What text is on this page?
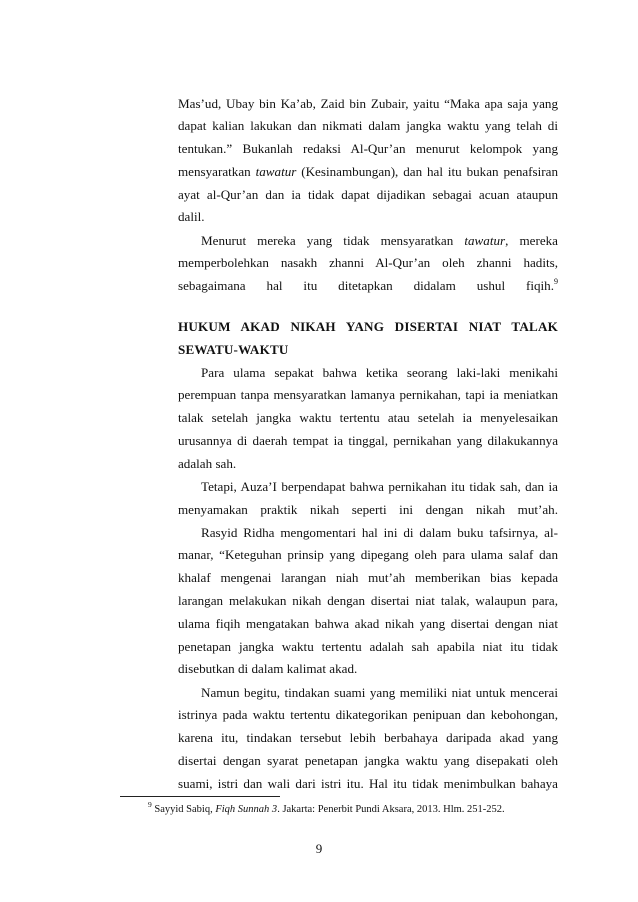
Mas’ud, Ubay bin Ka’ab, Zaid bin Zubair, yaitu “Maka apa saja yang
dapat kalian lakukan dan nikmati dalam jangka waktu yang telah di
tentukan.” Bukanlah redaksi Al-Qur’an menurut kelompok yang
mensyaratkan tawatur (Kesinambungan), dan hal itu bukan penafsiran
ayat al-Qur’an dan ia tidak dapat dijadikan sebagai acuan ataupun
dalil.
Menurut mereka yang tidak mensyaratkan tawatur, mereka
memperbolehkan nasakh zhanni Al-Qur’an oleh zhanni hadits,
sebagaimana hal itu ditetapkan didalam ushul fiqih.$^9$
HUKUM AKAD NIKAH YANG DISERTAI NIAT TALAK
SEWATU-WAKTU
Para ulama sepakat bahwa ketika seorang laki-laki menikahi
perempuan tanpa mensyaratkan lamanya pernikahan, tapi ia meniatkan
talak setelah jangka waktu tertentu atau setelah ia menyelesaikan
urusannya di daerah tempat ia tinggal, pernikahan yang dilakukannya
adalah sah.
Tetapi, Auza’I berpendapat bahwa pernikahan itu tidak sah, dan ia
menyamakan praktik nikah seperti ini dengan nikah mut’ah.
Rasyid Ridha mengomentari hal ini di dalam buku tafsirnya, al-
manar, “Keteguhan prinsip yang dipegang oleh para ulama salaf dan
khalaf mengenai larangan niah mut’ah memberikan bias kepada
larangan melakukan nikah dengan disertai niat talak, walaupun para,
ulama fiqih mengatakan bahwa akad nikah yang disertai dengan niat
penetapan jangka waktu tertentu adalah sah apabila niat itu tidak
disebutkan di dalam kalimat akad.
Namun begitu, tindakan suami yang memiliki niat untuk mencerai
istrinya pada waktu tertentu dikategorikan penipuan dan kebohongan,
karena itu, tindakan tersebut lebih berbahaya daripada akad yang
disertai dengan syarat penetapan jangka waktu yang disepakati oleh
suami, istri dan wali dari istri itu. Hal itu tidak menimbulkan bahaya
$^9$ Sayyid Sabiq, Fiqh Sunnah 3. Jakarta: Penerbit Pundi Aksara, 2013. Hlm. 251-252.
9
